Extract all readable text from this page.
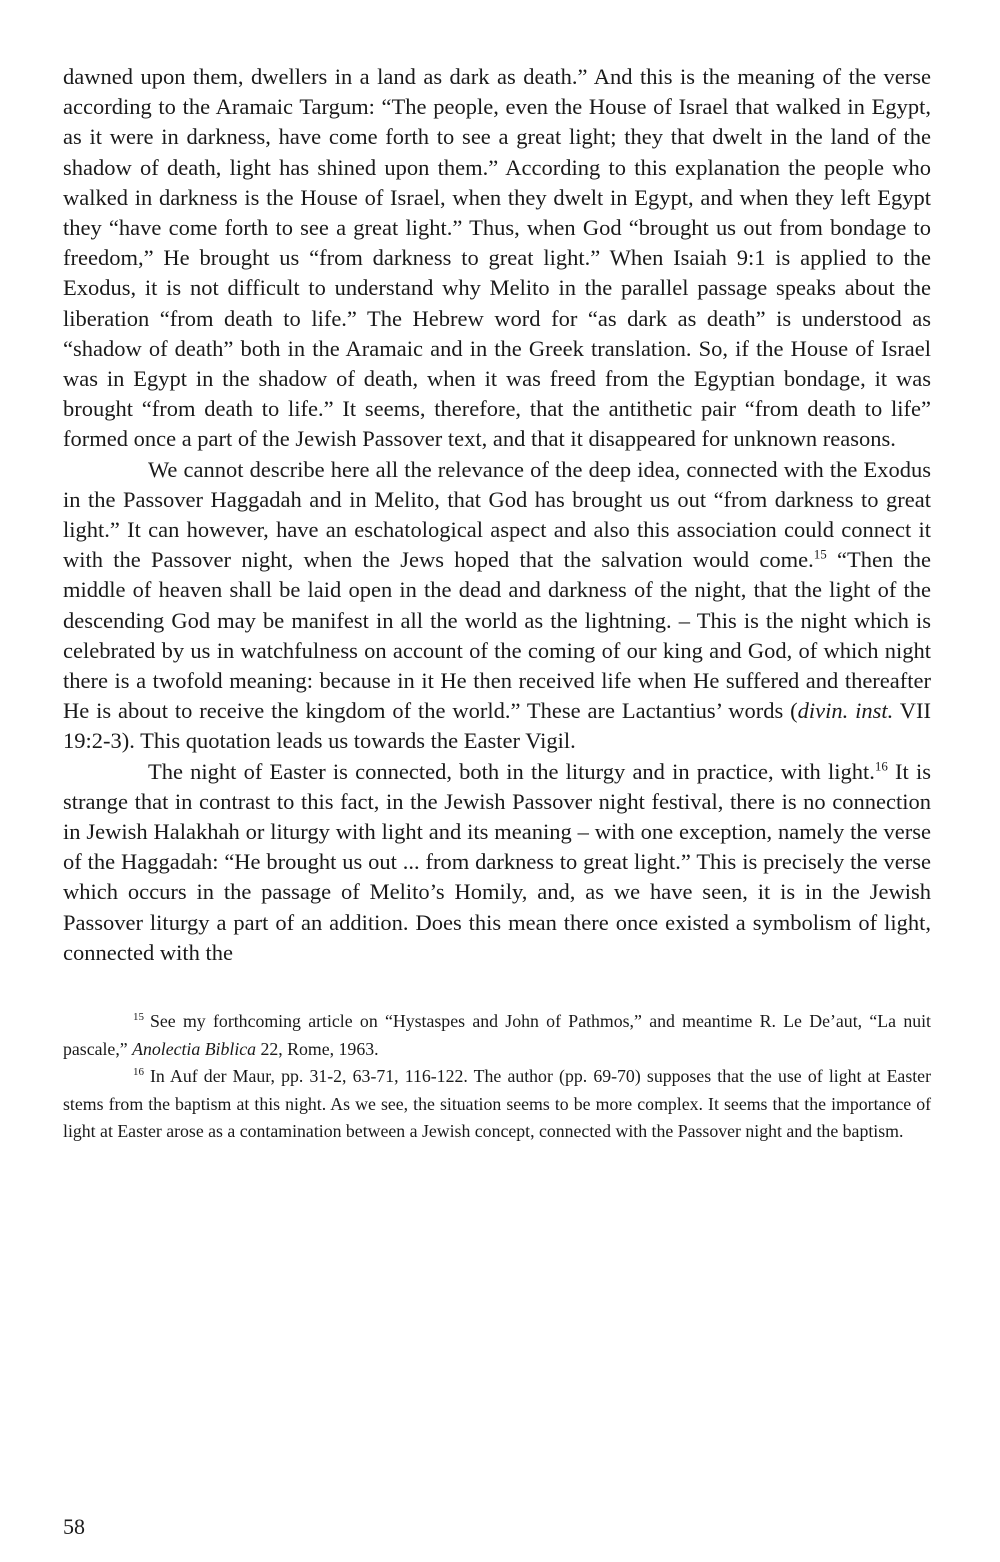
dawned upon them, dwellers in a land as dark as death.” And this is the meaning of the verse according to the Aramaic Targum: “The people, even the House of Israel that walked in Egypt, as it were in darkness, have come forth to see a great light; they that dwelt in the land of the shadow of death, light has shined upon them.” According to this explanation the people who walked in darkness is the House of Israel, when they dwelt in Egypt, and when they left Egypt they “have come forth to see a great light.” Thus, when God “brought us out from bondage to freedom,” He brought us “from darkness to great light.” When Isaiah 9:1 is applied to the Exodus, it is not difficult to understand why Melito in the parallel passage speaks about the liberation “from death to life.” The Hebrew word for “as dark as death” is understood as “shadow of death” both in the Aramaic and in the Greek translation. So, if the House of Israel was in Egypt in the shadow of death, when it was freed from the Egyptian bondage, it was brought “from death to life.” It seems, therefore, that the antithetic pair “from death to life” formed once a part of the Jewish Passover text, and that it disappeared for unknown reasons.

We cannot describe here all the relevance of the deep idea, connected with the Exodus in the Passover Haggadah and in Melito, that God has brought us out “from darkness to great light.” It can however, have an eschatological aspect and also this association could connect it with the Passover night, when the Jews hoped that the salvation would come.$^{15}$ “Then the middle of heaven shall be laid open in the dead and darkness of the night, that the light of the descending God may be manifest in all the world as the lightning. – This is the night which is celebrated by us in watchfulness on account of the coming of our king and God, of which night there is a twofold meaning: because in it He then received life when He suffered and thereafter He is about to receive the kingdom of the world.” These are Lactantius’ words (divin. inst. VII 19:2-3). This quotation leads us towards the Easter Vigil.

The night of Easter is connected, both in the liturgy and in practice, with light.$^{16}$ It is strange that in contrast to this fact, in the Jewish Passover night festival, there is no connection in Jewish Halakhah or liturgy with light and its meaning – with one exception, namely the verse of the Haggadah: “He brought us out ... from darkness to great light.” This is precisely the verse which occurs in the passage of Melito’s Homily, and, as we have seen, it is in the Jewish Passover liturgy a part of an addition. Does this mean there once existed a symbolism of light, connected with the

$^{15}$ See my forthcoming article on “Hystaspes and John of Pathmos,” and meantime R. Le De’aut, “La nuit pascale,” Anolectia Biblica 22, Rome, 1963.

$^{16}$ In Auf der Maur, pp. 31-2, 63-71, 116-122. The author (pp. 69-70) supposes that the use of light at Easter stems from the baptism at this night. As we see, the situation seems to be more complex. It seems that the importance of light at Easter arose as a contamination between a Jewish concept, connected with the Passover night and the baptism.

58
